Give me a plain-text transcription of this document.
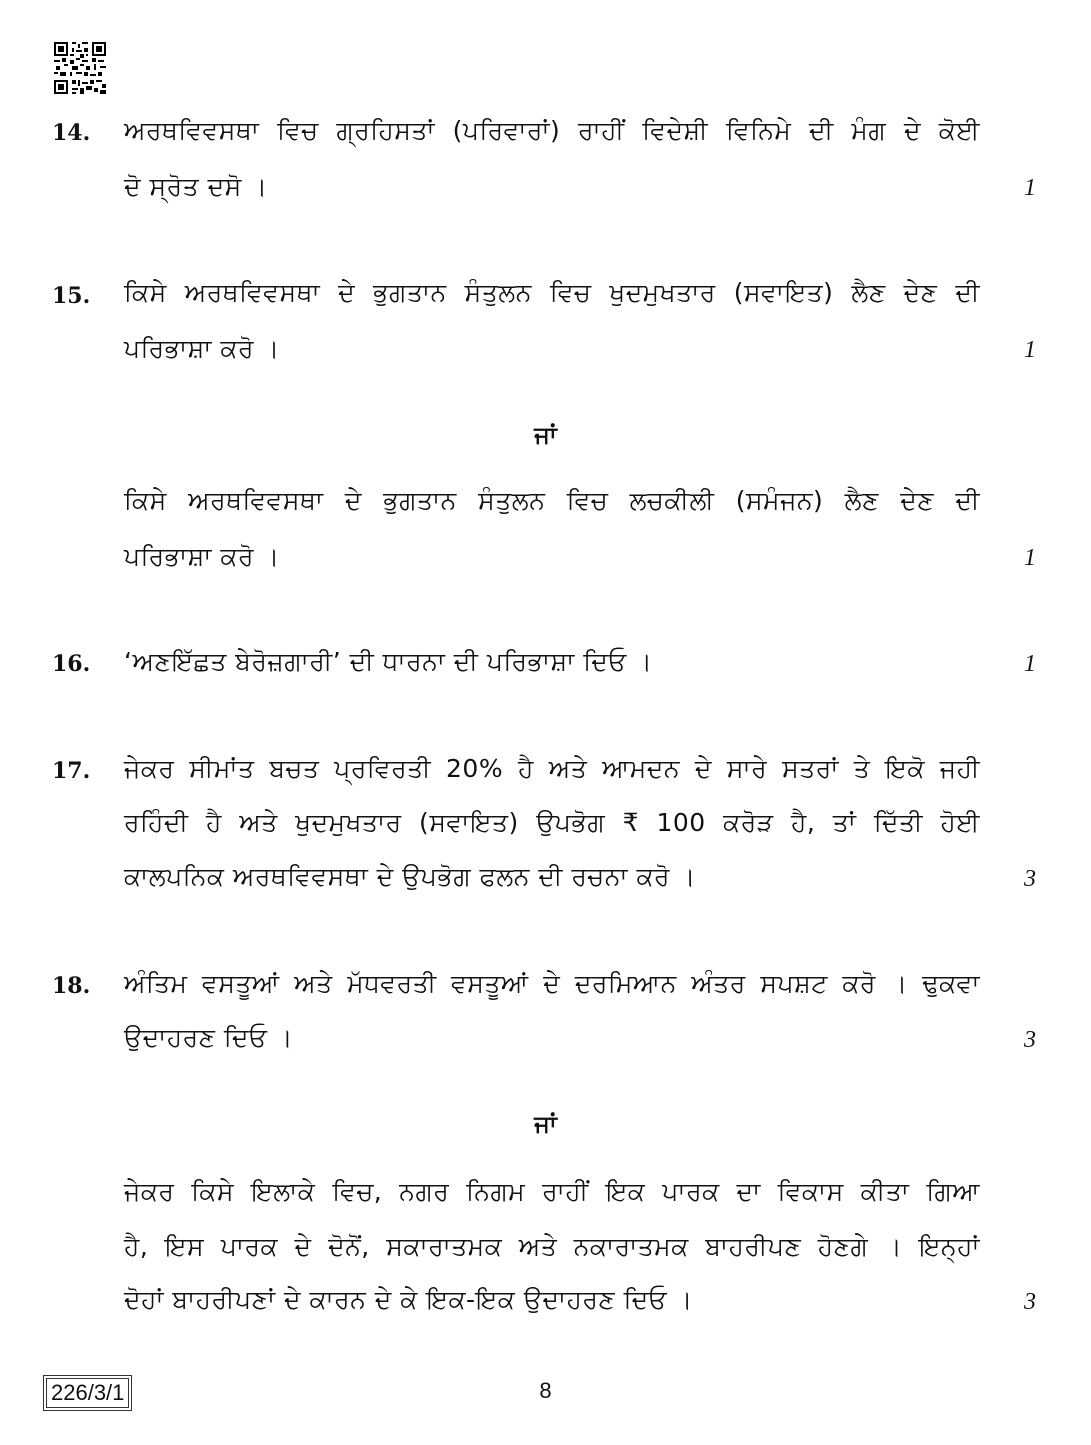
14. ਅਰਥਵਿਵਸਥਾ ਵਿਚ ਗ੍ਰਹਿਸਤਾਂ (ਪਰਿਵਾਰਾਂ) ਰਾਹੀਂ ਵਿਦੇਸ਼ੀ ਵਿਨਿਮੇ ਦੀ ਮੰਗ ਦੇ ਕੋਈ
ਦੋ ਸ੍ਰੋਤ ਦਸੋ ।	1
15. ਕਿਸੇ ਅਰਥਵਿਵਸਥਾ ਦੇ ਭੁਗਤਾਨ ਸੰਤੁਲਨ ਵਿਚ ਖੁਦਮੁਖਤਾਰ (ਸਵਾਇਤ) ਲੈਣ ਦੇਣ ਦੀ
ਪਰਿਭਾਸ਼ਾ ਕਰੋ ।	1
ਜਾਂ
ਕਿਸੇ ਅਰਥਵਿਵਸਥਾ ਦੇ ਭੁਗਤਾਨ ਸੰਤੁਲਨ ਵਿਚ ਲਚਕੀਲੀ (ਸਮੰਜਨ) ਲੈਣ ਦੇਣ ਦੀ
ਪਰਿਭਾਸ਼ਾ ਕਰੋ ।	1
16. ‘ਅਣਇੱਛਤ ਬੇਰੋਜ਼ਗਾਰੀ’ ਦੀ ਧਾਰਨਾ ਦੀ ਪਰਿਭਾਸ਼ਾ ਦਿਓ ।	1
17. ਜੇਕਰ ਸੀਮਾਂਤ ਬਚਤ ਪ੍ਰਵਿਰਤੀ 20% ਹੈ ਅਤੇ ਆਮਦਨ ਦੇ ਸਾਰੇ ਸਤਰਾਂ ਤੇ ਇਕੋ ਜਹੀ
ਰਹਿੰਦੀ ਹੈ ਅਤੇ ਖੁਦਮੁਖਤਾਰ (ਸਵਾਇਤ) ਉਪਭੋਗ ₹ 100 ਕਰੋੜ ਹੈ, ਤਾਂ ਦਿੱਤੀ ਹੋਈ
ਕਾਲਪਨਿਕ ਅਰਥਵਿਵਸਥਾ ਦੇ ਉਪਭੋਗ ਫਲਨ ਦੀ ਰਚਨਾ ਕਰੋ ।	3
18. ਅੰਤਿਮ ਵਸਤੂਆਂ ਅਤੇ ਮੱਧਵਰਤੀ ਵਸਤੂਆਂ ਦੇ ਦਰਮਿਆਨ ਅੰਤਰ ਸਪਸ਼ਟ ਕਰੋ । ਢੁਕਵਾ
ਉਦਾਹਰਣ ਦਿਓ ।	3
ਜਾਂ
ਜੇਕਰ ਕਿਸੇ ਇਲਾਕੇ ਵਿਚ, ਨਗਰ ਨਿਗਮ ਰਾਹੀਂ ਇਕ ਪਾਰਕ ਦਾ ਵਿਕਾਸ ਕੀਤਾ ਗਿਆ
ਹੈ, ਇਸ ਪਾਰਕ ਦੇ ਦੋਨੋਂ, ਸਕਾਰਾਤਮਕ ਅਤੇ ਨਕਾਰਾਤਮਕ ਬਾਹਰੀਪਣ ਹੋਣਗੇ । ਇਨ੍ਹਾਂ
ਦੋਹਾਂ ਬਾਹਰੀਪਣਾਂ ਦੇ ਕਾਰਨ ਦੇ ਕੇ ਇਕ-ਇਕ ਉਦਾਹਰਣ ਦਿਓ ।	3
226/3/1	8
